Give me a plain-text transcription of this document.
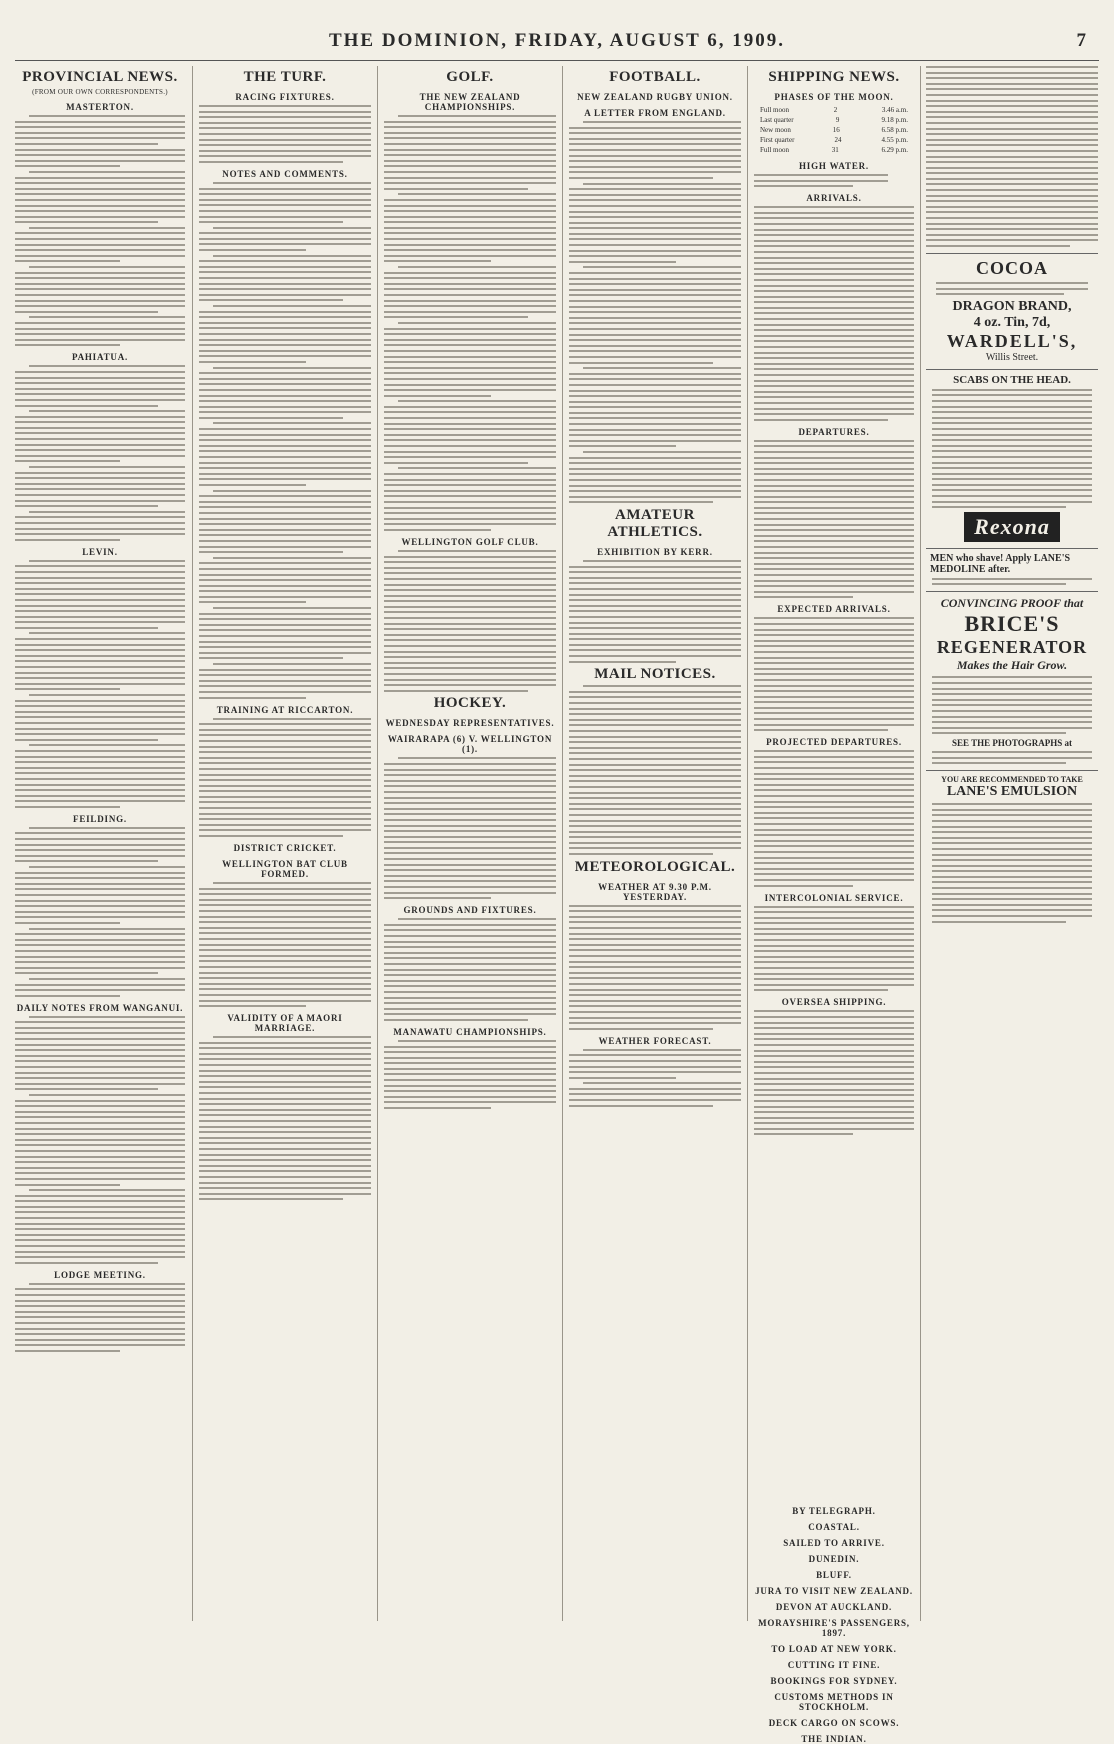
THE DOMINION, FRIDAY, AUGUST 6, 1909.	7
PROVINCIAL NEWS.
(FROM OUR OWN CORRESPONDENTS.)
MASTERTON.
PAHIATUA.
LEVIN.
FEILDING.
DAILY NOTES FROM WANGANUI.
LODGE MEETING.
THE TURF.
RACING FIXTURES.
NOTES AND COMMENTS.
TRAINING AT RICCARTON.
DISTRICT CRICKET.
WELLINGTON BAT CLUB FORMED.
VALIDITY OF A MAORI MARRIAGE.
GOLF.
THE NEW ZEALAND CHAMPIONSHIPS.
WELLINGTON GOLF CLUB.
HOCKEY.
WEDNESDAY REPRESENTATIVES.
WAIRARAPA (6) V. WELLINGTON (1).
GROUNDS AND FIXTURES.
MANAWATU CHAMPIONSHIPS.
FOOTBALL.
NEW ZEALAND RUGBY UNION.
A LETTER FROM ENGLAND.
AMATEUR ATHLETICS.
EXHIBITION BY KERR.
MAIL NOTICES.
METEOROLOGICAL.
WEATHER AT 9.30 P.M. YESTERDAY.
WEATHER FORECAST.
SHIPPING NEWS.
PHASES OF THE MOON.
Full moon	2	3.46 a.m.
Last quarter	9	9.18 p.m.
New moon	16	6.58 p.m.
First quarter	24	4.55 p.m.
Full moon	31	6.29 p.m.
HIGH WATER.
ARRIVALS.
DEPARTURES.
EXPECTED ARRIVALS.
PROJECTED DEPARTURES.
INTERCOLONIAL SERVICE.
OVERSEA SHIPPING.
COCOA
DRAGON BRAND,
4 oz. Tin, 7d,
WARDELL'S,
Willis Street.
SCABS ON THE HEAD.
Rexona
MEN who shave! Apply LANE'S MEDOLINE after.
CONVINCING PROOF that
BRICE'S
REGENERATOR
Makes the Hair Grow.
SEE THE PHOTOGRAPHS at
YOU ARE RECOMMENDED TO TAKE
LANE'S EMULSION
BY TELEGRAPH.
COASTAL.
SAILED TO ARRIVE.
DUNEDIN.
BLUFF.
JURA TO VISIT NEW ZEALAND.
DEVON AT AUCKLAND.
MORAYSHIRE'S PASSENGERS, 1897.
TO LOAD AT NEW YORK.
CUTTING IT FINE.
BOOKINGS FOR SYDNEY.
CUSTOMS METHODS IN STOCKHOLM.
DECK CARGO ON SCOWS.
THE INDIAN.
